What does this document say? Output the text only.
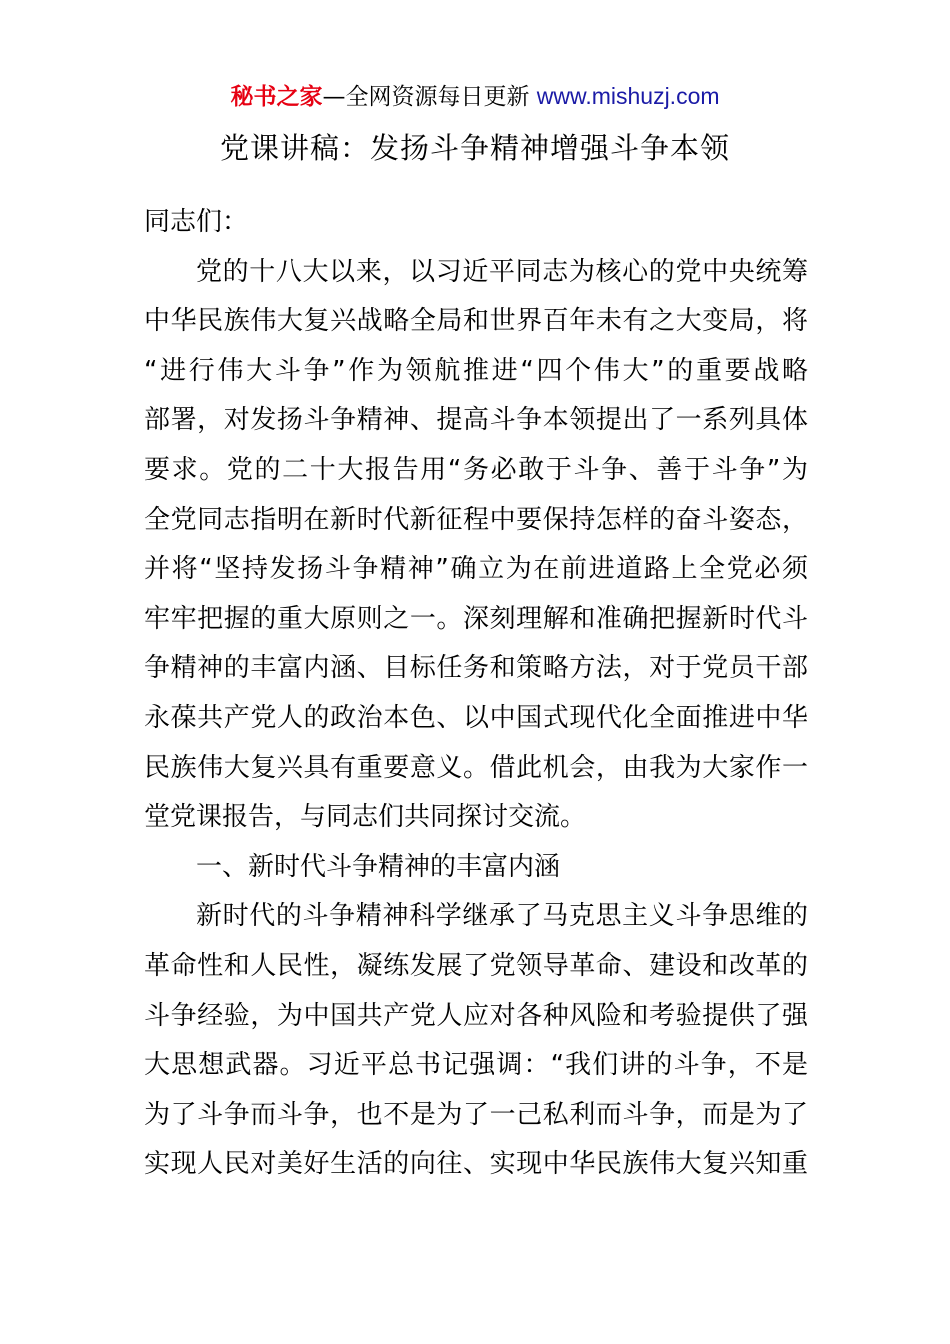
秘书之家—全网资源每日更新 www.mishuzj.com
党课讲稿：发扬斗争精神增强斗争本领
同志们：
党的十八大以来，以习近平同志为核心的党中央统筹
中华民族伟大复兴战略全局和世界百年未有之大变局，将
“进行伟大斗争”作为领航推进“四个伟大”的重要战略
部署，对发扬斗争精神、提高斗争本领提出了一系列具体
要求。党的二十大报告用“务必敢于斗争、善于斗争”为
全党同志指明在新时代新征程中要保持怎样的奋斗姿态，
并将“坚持发扬斗争精神”确立为在前进道路上全党必须
牢牢把握的重大原则之一。深刻理解和准确把握新时代斗
争精神的丰富内涵、目标任务和策略方法，对于党员干部
永葆共产党人的政治本色、以中国式现代化全面推进中华
民族伟大复兴具有重要意义。借此机会，由我为大家作一
堂党课报告，与同志们共同探讨交流。
一、新时代斗争精神的丰富内涵
新时代的斗争精神科学继承了马克思主义斗争思维的
革命性和人民性，凝练发展了党领导革命、建设和改革的
斗争经验，为中国共产党人应对各种风险和考验提供了强
大思想武器。习近平总书记强调：“我们讲的斗争，不是
为了斗争而斗争，也不是为了一己私利而斗争，而是为了
实现人民对美好生活的向往、实现中华民族伟大复兴知重
